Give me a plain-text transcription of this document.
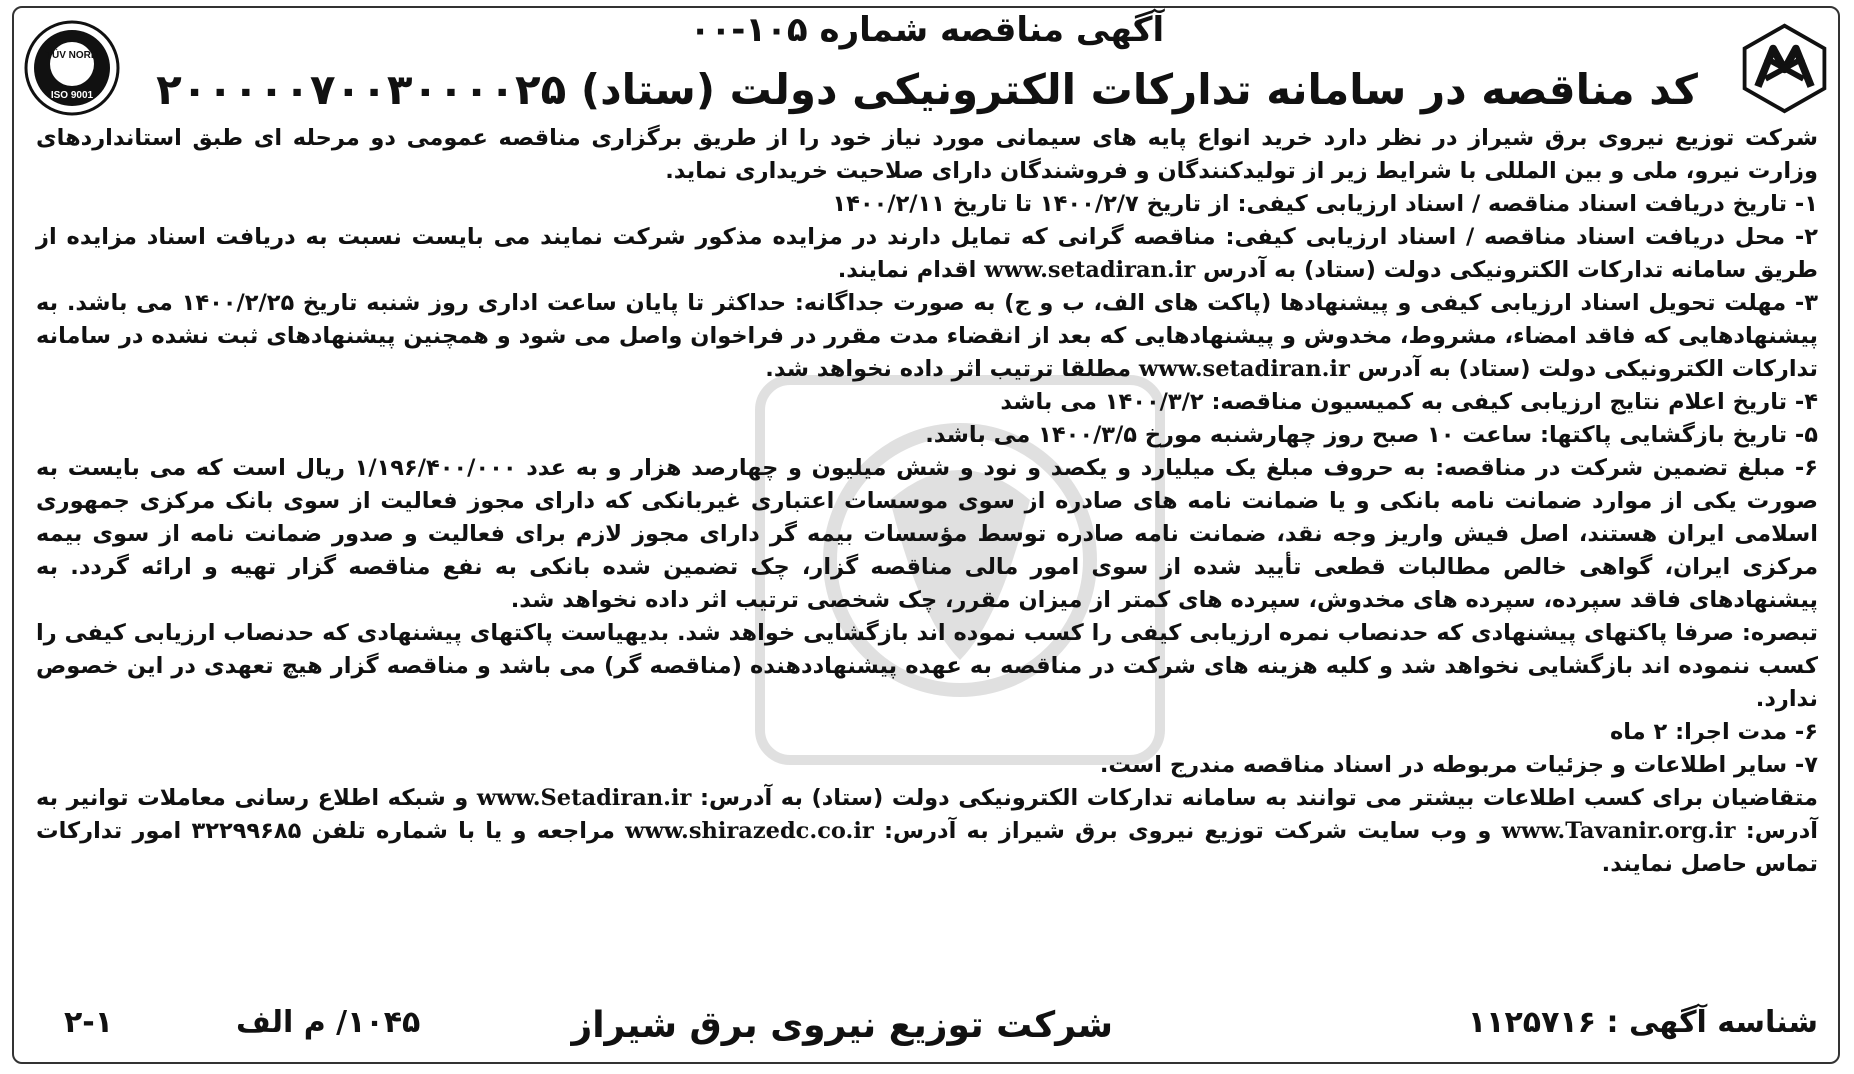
TÜV NORD
ISO 9001
آگهی مناقصه شماره ۱۰۵-۰۰
کد مناقصه در سامانه تدارکات الکترونیکی دولت (ستاد) ۲۰۰۰۰۰۷۰۰۳۰۰۰۰۲۵

شرکت توزیع نیروی برق شیراز در نظر دارد خرید انواع پایه های سیمانی مورد نیاز خود را از طریق برگزاری مناقصه عمومی دو مرحله ای طبق استانداردهای وزارت نیرو، ملی و بین المللی با شرایط زیر از تولیدکنندگان و فروشندگان دارای صلاحیت خریداری نماید.

۱- تاریخ دریافت اسناد مناقصه / اسناد ارزیابی کیفی: از تاریخ ۱۴۰۰/۲/۷ تا تاریخ ۱۴۰۰/۲/۱۱

۲- محل دریافت اسناد مناقصه / اسناد ارزیابی کیفی: مناقصه گرانی که تمایل دارند در مزایده مذکور شرکت نمایند می بایست نسبت به دریافت اسناد مزایده از طریق سامانه تدارکات الکترونیکی دولت (ستاد) به آدرس www.setadiran.ir اقدام نمایند.

۳- مهلت تحویل اسناد ارزیابی کیفی و پیشنهادها (پاکت های الف، ب و ج) به صورت جداگانه: حداکثر تا پایان ساعت اداری روز شنبه تاریخ ۱۴۰۰/۲/۲۵ می باشد. به پیشنهادهایی که فاقد امضاء، مشروط، مخدوش و پیشنهادهایی که بعد از انقضاء مدت مقرر در فراخوان واصل می شود و همچنین پیشنهادهای ثبت نشده در سامانه تدارکات الکترونیکی دولت (ستاد) به آدرس www.setadiran.ir مطلقا ترتیب اثر داده نخواهد شد.

۴- تاریخ اعلام نتایج ارزیابی کیفی به کمیسیون مناقصه: ۱۴۰۰/۳/۲ می باشد

۵- تاریخ بازگشایی پاکتها: ساعت ۱۰ صبح روز چهارشنبه مورخ ۱۴۰۰/۳/۵ می باشد.

۶- مبلغ تضمین شرکت در مناقصه: به حروف مبلغ یک میلیارد و یکصد و نود و شش میلیون و چهارصد هزار و به عدد ۱/۱۹۶/۴۰۰/۰۰۰ ریال است که می بایست به صورت یکی از موارد ضمانت نامه بانکی و یا ضمانت نامه های صادره از سوی موسسات اعتباری غیربانکی که دارای مجوز فعالیت از سوی بانک مرکزی جمهوری اسلامی ایران هستند، اصل فیش واریز وجه نقد، ضمانت نامه صادره توسط مؤسسات بیمه گر دارای مجوز لازم برای فعالیت و صدور ضمانت نامه از سوی بیمه مرکزی ایران، گواهی خالص مطالبات قطعی تأیید شده از سوی امور مالی مناقصه گزار، چک تضمین شده بانکی به نفع مناقصه گزار تهیه و ارائه گردد. به پیشنهادهای فاقد سپرده، سپرده های مخدوش، سپرده های کمتر از میزان مقرر، چک شخصی ترتیب اثر داده نخواهد شد.

تبصره: صرفا پاکتهای پیشنهادی که حدنصاب نمره ارزیابی کیفی را کسب نموده اند بازگشایی خواهد شد. بدیهیاست پاکتهای پیشنهادی که حدنصاب ارزیابی کیفی را کسب ننموده اند بازگشایی نخواهد شد و کلیه هزینه های شرکت در مناقصه به عهده پیشنهاددهنده (مناقصه گر) می باشد و مناقصه گزار هیچ تعهدی در این خصوص ندارد.

۶- مدت اجرا: ۲ ماه

۷- سایر اطلاعات و جزئیات مربوطه در اسناد مناقصه مندرج است.

متقاضیان برای کسب اطلاعات بیشتر می توانند به سامانه تدارکات الکترونیکی دولت (ستاد) به آدرس: www.Setadiran.ir و شبکه اطلاع رسانی معاملات توانیر به آدرس: www.Tavanir.org.ir و وب سایت شرکت توزیع نیروی برق شیراز به آدرس: www.shirazedc.co.ir مراجعه و یا با شماره تلفن ۳۲۲۹۹۶۸۵ امور تدارکات تماس حاصل نمایند.

شناسه آگهی : ۱۱۲۵۷۱۶
شرکت توزیع نیروی برق شیراز
۱۰۴۵/ م الف
۲-۱
